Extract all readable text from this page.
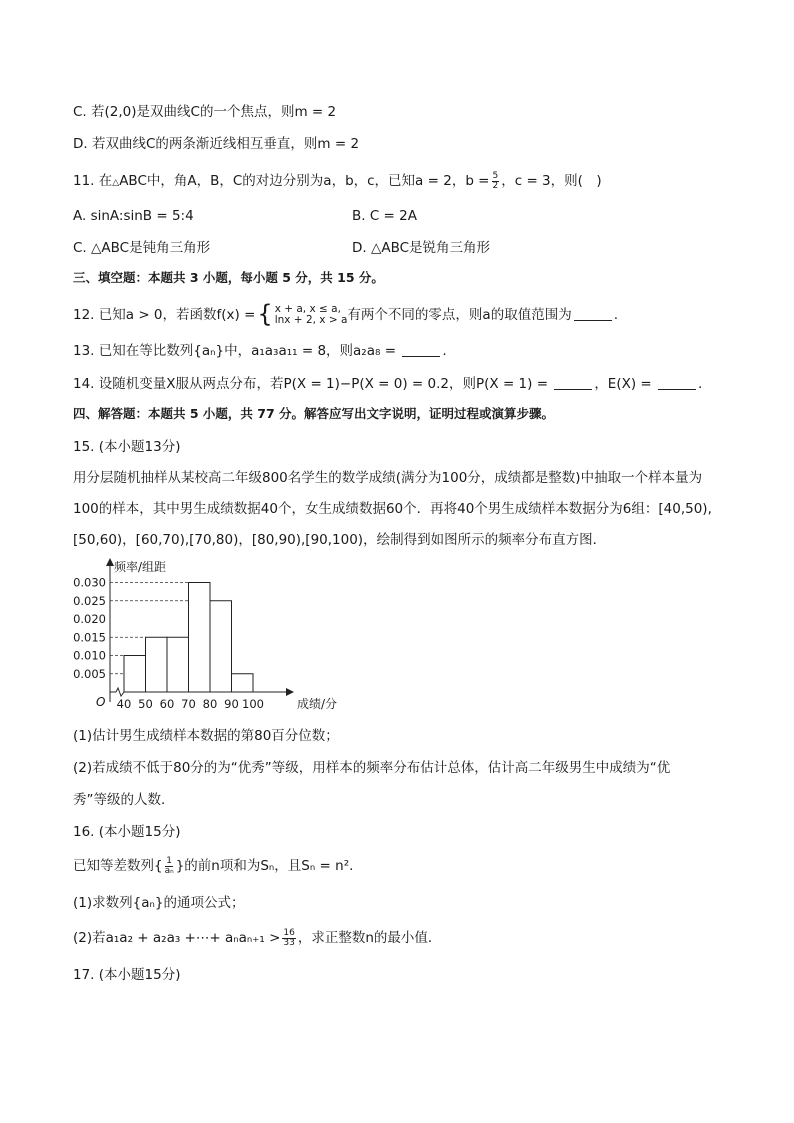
C. 若(2,0)是双曲线C的一个焦点，则m = 2
D. 若双曲线C的两条渐近线相互垂直，则m = 2
11. 在△ABC中，角A，B，C的对边分别为a，b，c，已知a = 2，$b = \frac{5}{2}$ ，c = 3，则(　)
A. sinA:sinB = 5:4	B. C = 2A
C. △ABC是钝角三角形	D. △ABC是锐角三角形
三、填空题：本题共 3 小题，每小题 5 分，共 15 分。
12. 已知a > 0，若函数f(x) ={ x + a, x ≤ a,
lnx + 2, x > a 有两个不同的零点，则a的取值范围为	.
13. 已知在等比数列{aₙ}中，a₁a₃a₁₁ = 8，则a₂a₈ =	.
14. 设随机变量X服从两点分布，若P(X = 1)−P(X = 0) = 0.2，则P(X = 1) =	，E(X) =	.
四、解答题：本题共 5 小题，共 77 分。解答应写出文字说明，证明过程或演算步骤。
15. (本小题13分)
用分层随机抽样从某校高二年级800名学生的数学成绩(满分为100分，成绩都是整数)中抽取一个样本量为
100的样本，其中男生成绩数据40个，女生成绩数据60个．再将40个男生成绩样本数据分为6组：[40,50),
[50,60)，[60,70),[70,80)，[80,90),[90,100)，绘制得到如图所示的频率分布直方图．
0.005
0.010
0.015
0.020
0.025
0.030
40 50 60 70 80 90 100
频率/组距
成绩/分
O
(1)估计男生成绩样本数据的第80百分位数；
(2)若成绩不低于80分的为“优秀”等级，用样本的频率分布估计总体，估计高二年级男生中成绩为“优
秀”等级的人数．
16. (本小题15分)
已知等差数列{ $\frac{1}{\text{aₙ}}$ }的前n项和为Sₙ，且Sₙ = n².
(1)求数列{aₙ}的通项公式；
(2)若a₁a₂ + a₂a₃ +⋯+ $a_na_{n+1} > \frac{16}{33}$ ，求正整数n的最小值．
17. (本小题15分)
